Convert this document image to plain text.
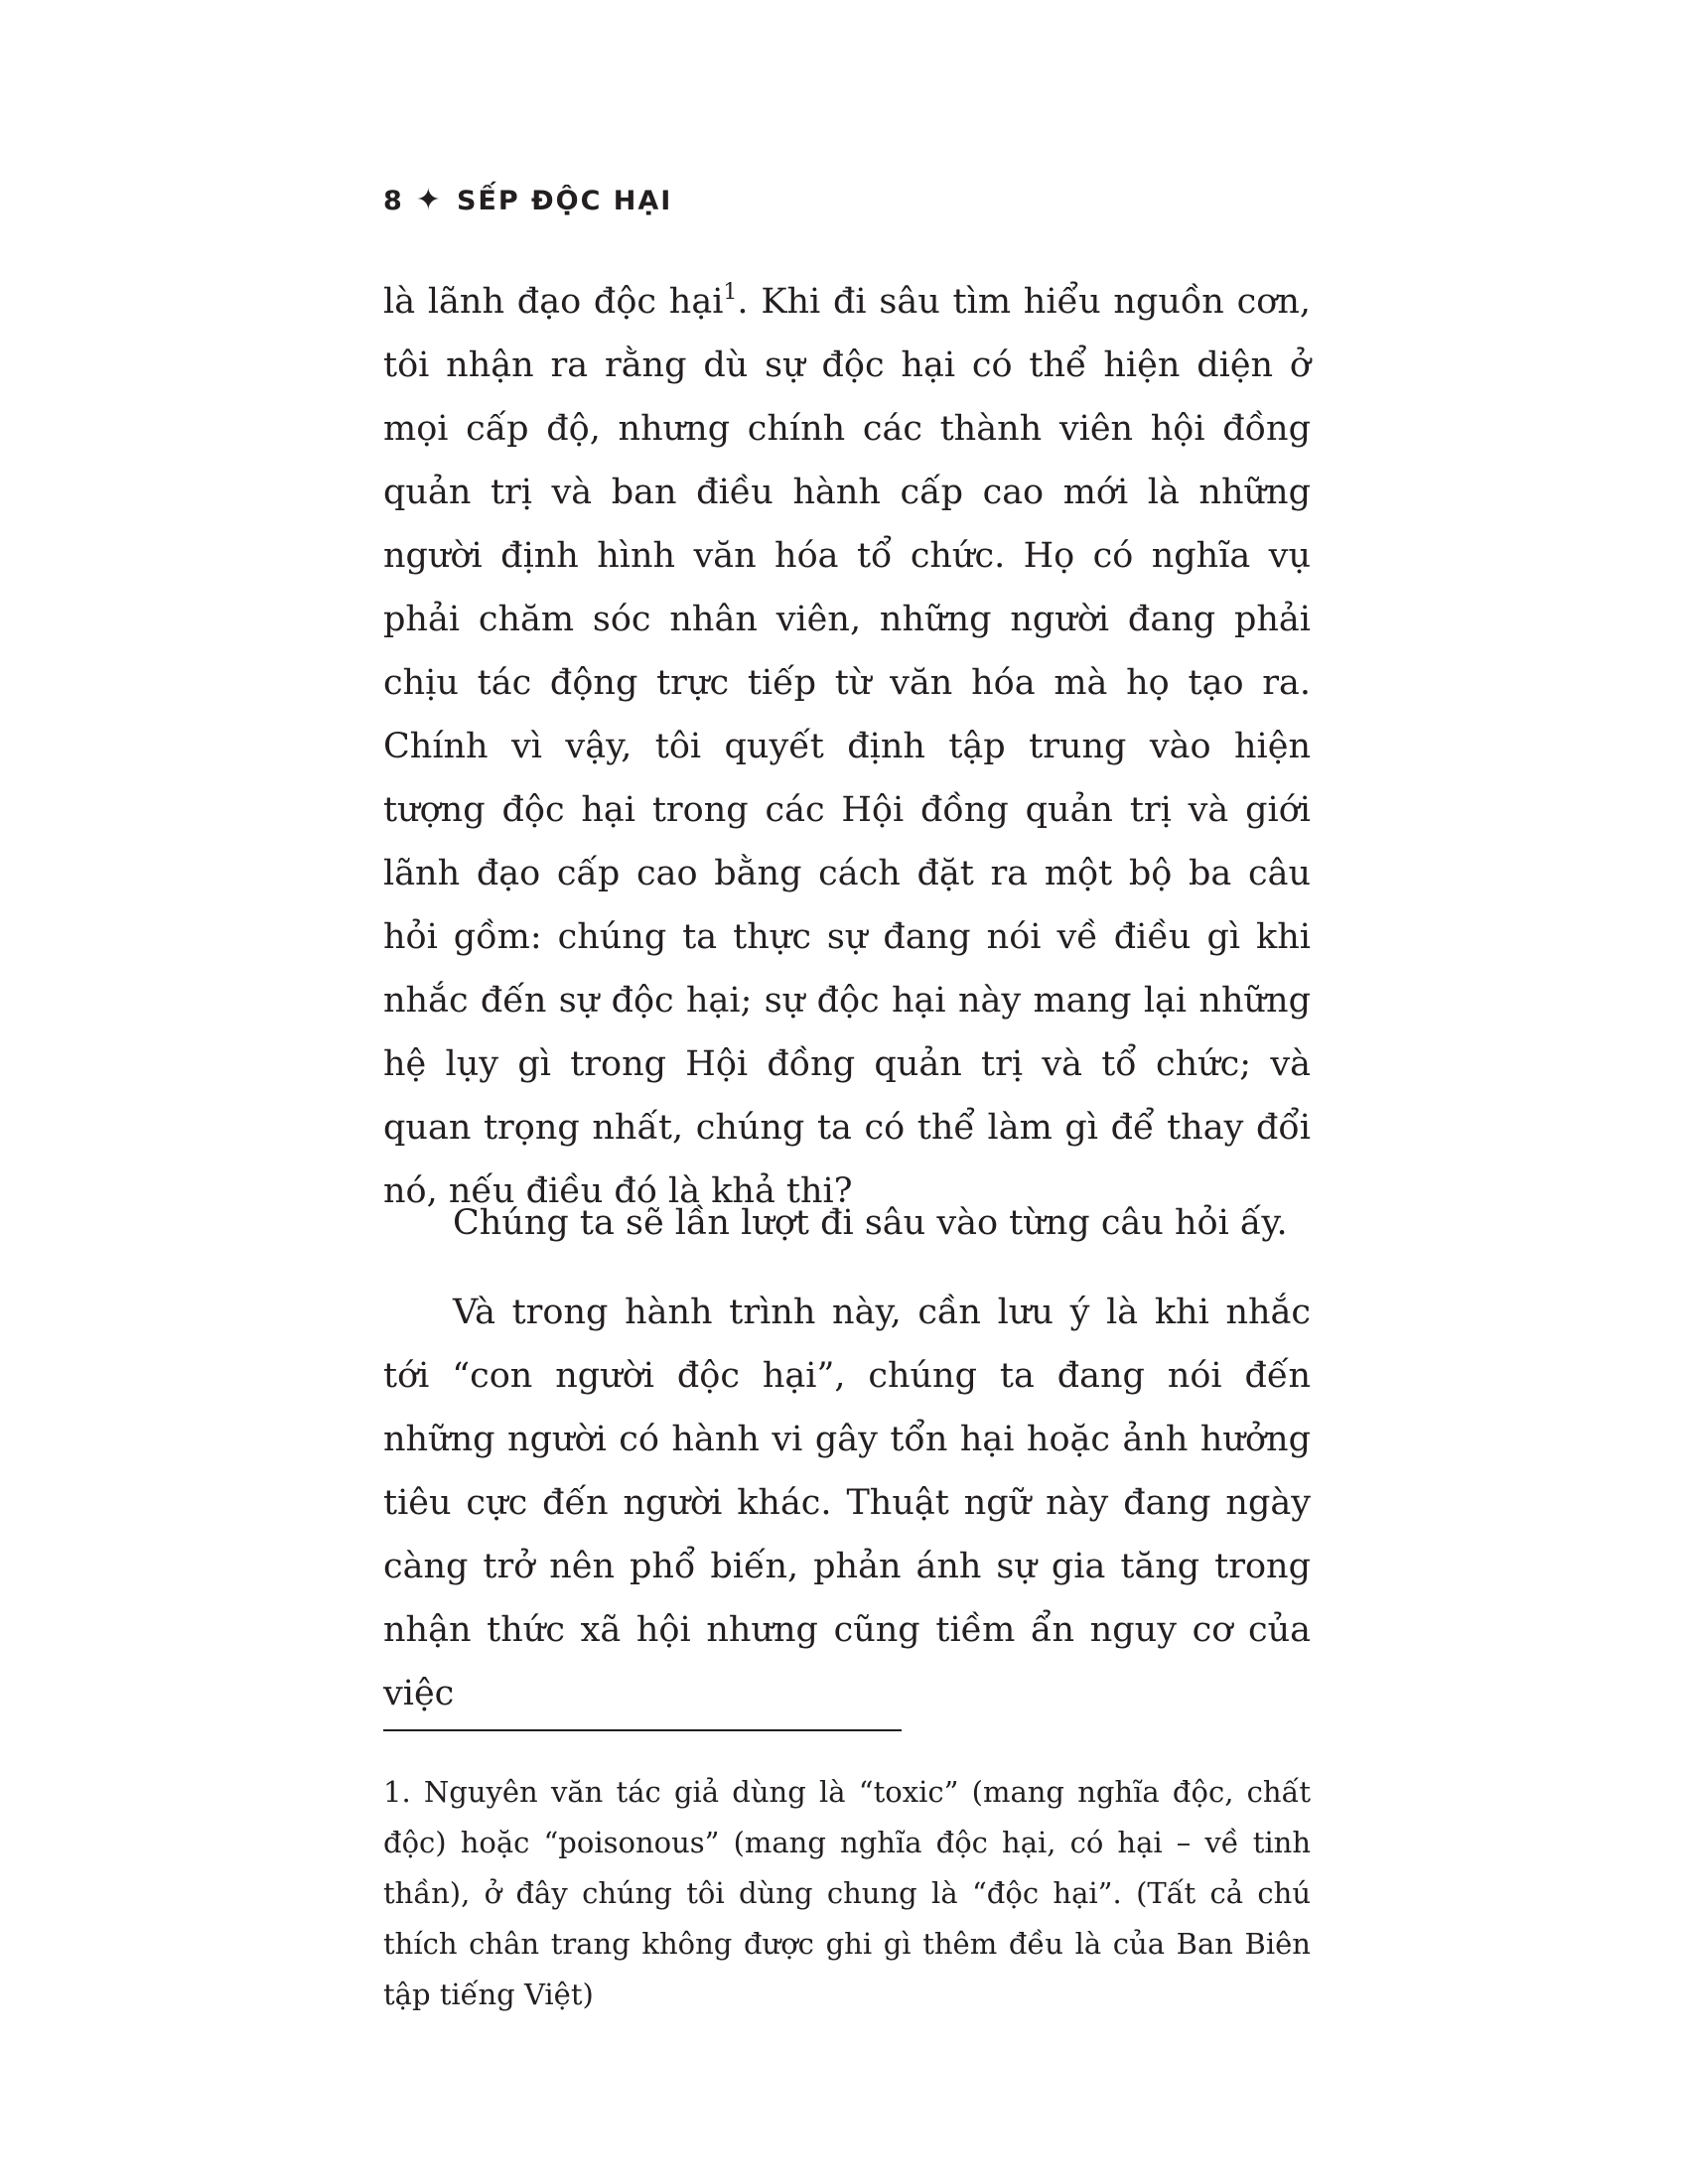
8 ✦ SẾP ĐỘC HẠI

là lãnh đạo độc hại$^1$. Khi đi sâu tìm hiểu nguồn cơn, tôi nhận ra rằng dù sự độc hại có thể hiện diện ở mọi cấp độ, nhưng chính các thành viên hội đồng quản trị và ban điều hành cấp cao mới là những người định hình văn hóa tổ chức. Họ có nghĩa vụ phải chăm sóc nhân viên, những người đang phải chịu tác động trực tiếp từ văn hóa mà họ tạo ra. Chính vì vậy, tôi quyết định tập trung vào hiện tượng độc hại trong các Hội đồng quản trị và giới lãnh đạo cấp cao bằng cách đặt ra một bộ ba câu hỏi gồm: chúng ta thực sự đang nói về điều gì khi nhắc đến sự độc hại; sự độc hại này mang lại những hệ lụy gì trong Hội đồng quản trị và tổ chức; và quan trọng nhất, chúng ta có thể làm gì để thay đổi nó, nếu điều đó là khả thi?

Chúng ta sẽ lần lượt đi sâu vào từng câu hỏi ấy.

Và trong hành trình này, cần lưu ý là khi nhắc tới “con người độc hại”, chúng ta đang nói đến những người có hành vi gây tổn hại hoặc ảnh hưởng tiêu cực đến người khác. Thuật ngữ này đang ngày càng trở nên phổ biến, phản ánh sự gia tăng trong nhận thức xã hội nhưng cũng tiềm ẩn nguy cơ của việc

1. Nguyên văn tác giả dùng là “toxic” (mang nghĩa độc, chất độc) hoặc “poisonous” (mang nghĩa độc hại, có hại – về tinh thần), ở đây chúng tôi dùng chung là “độc hại”. (Tất cả chú thích chân trang không được ghi gì thêm đều là của Ban Biên tập tiếng Việt)
